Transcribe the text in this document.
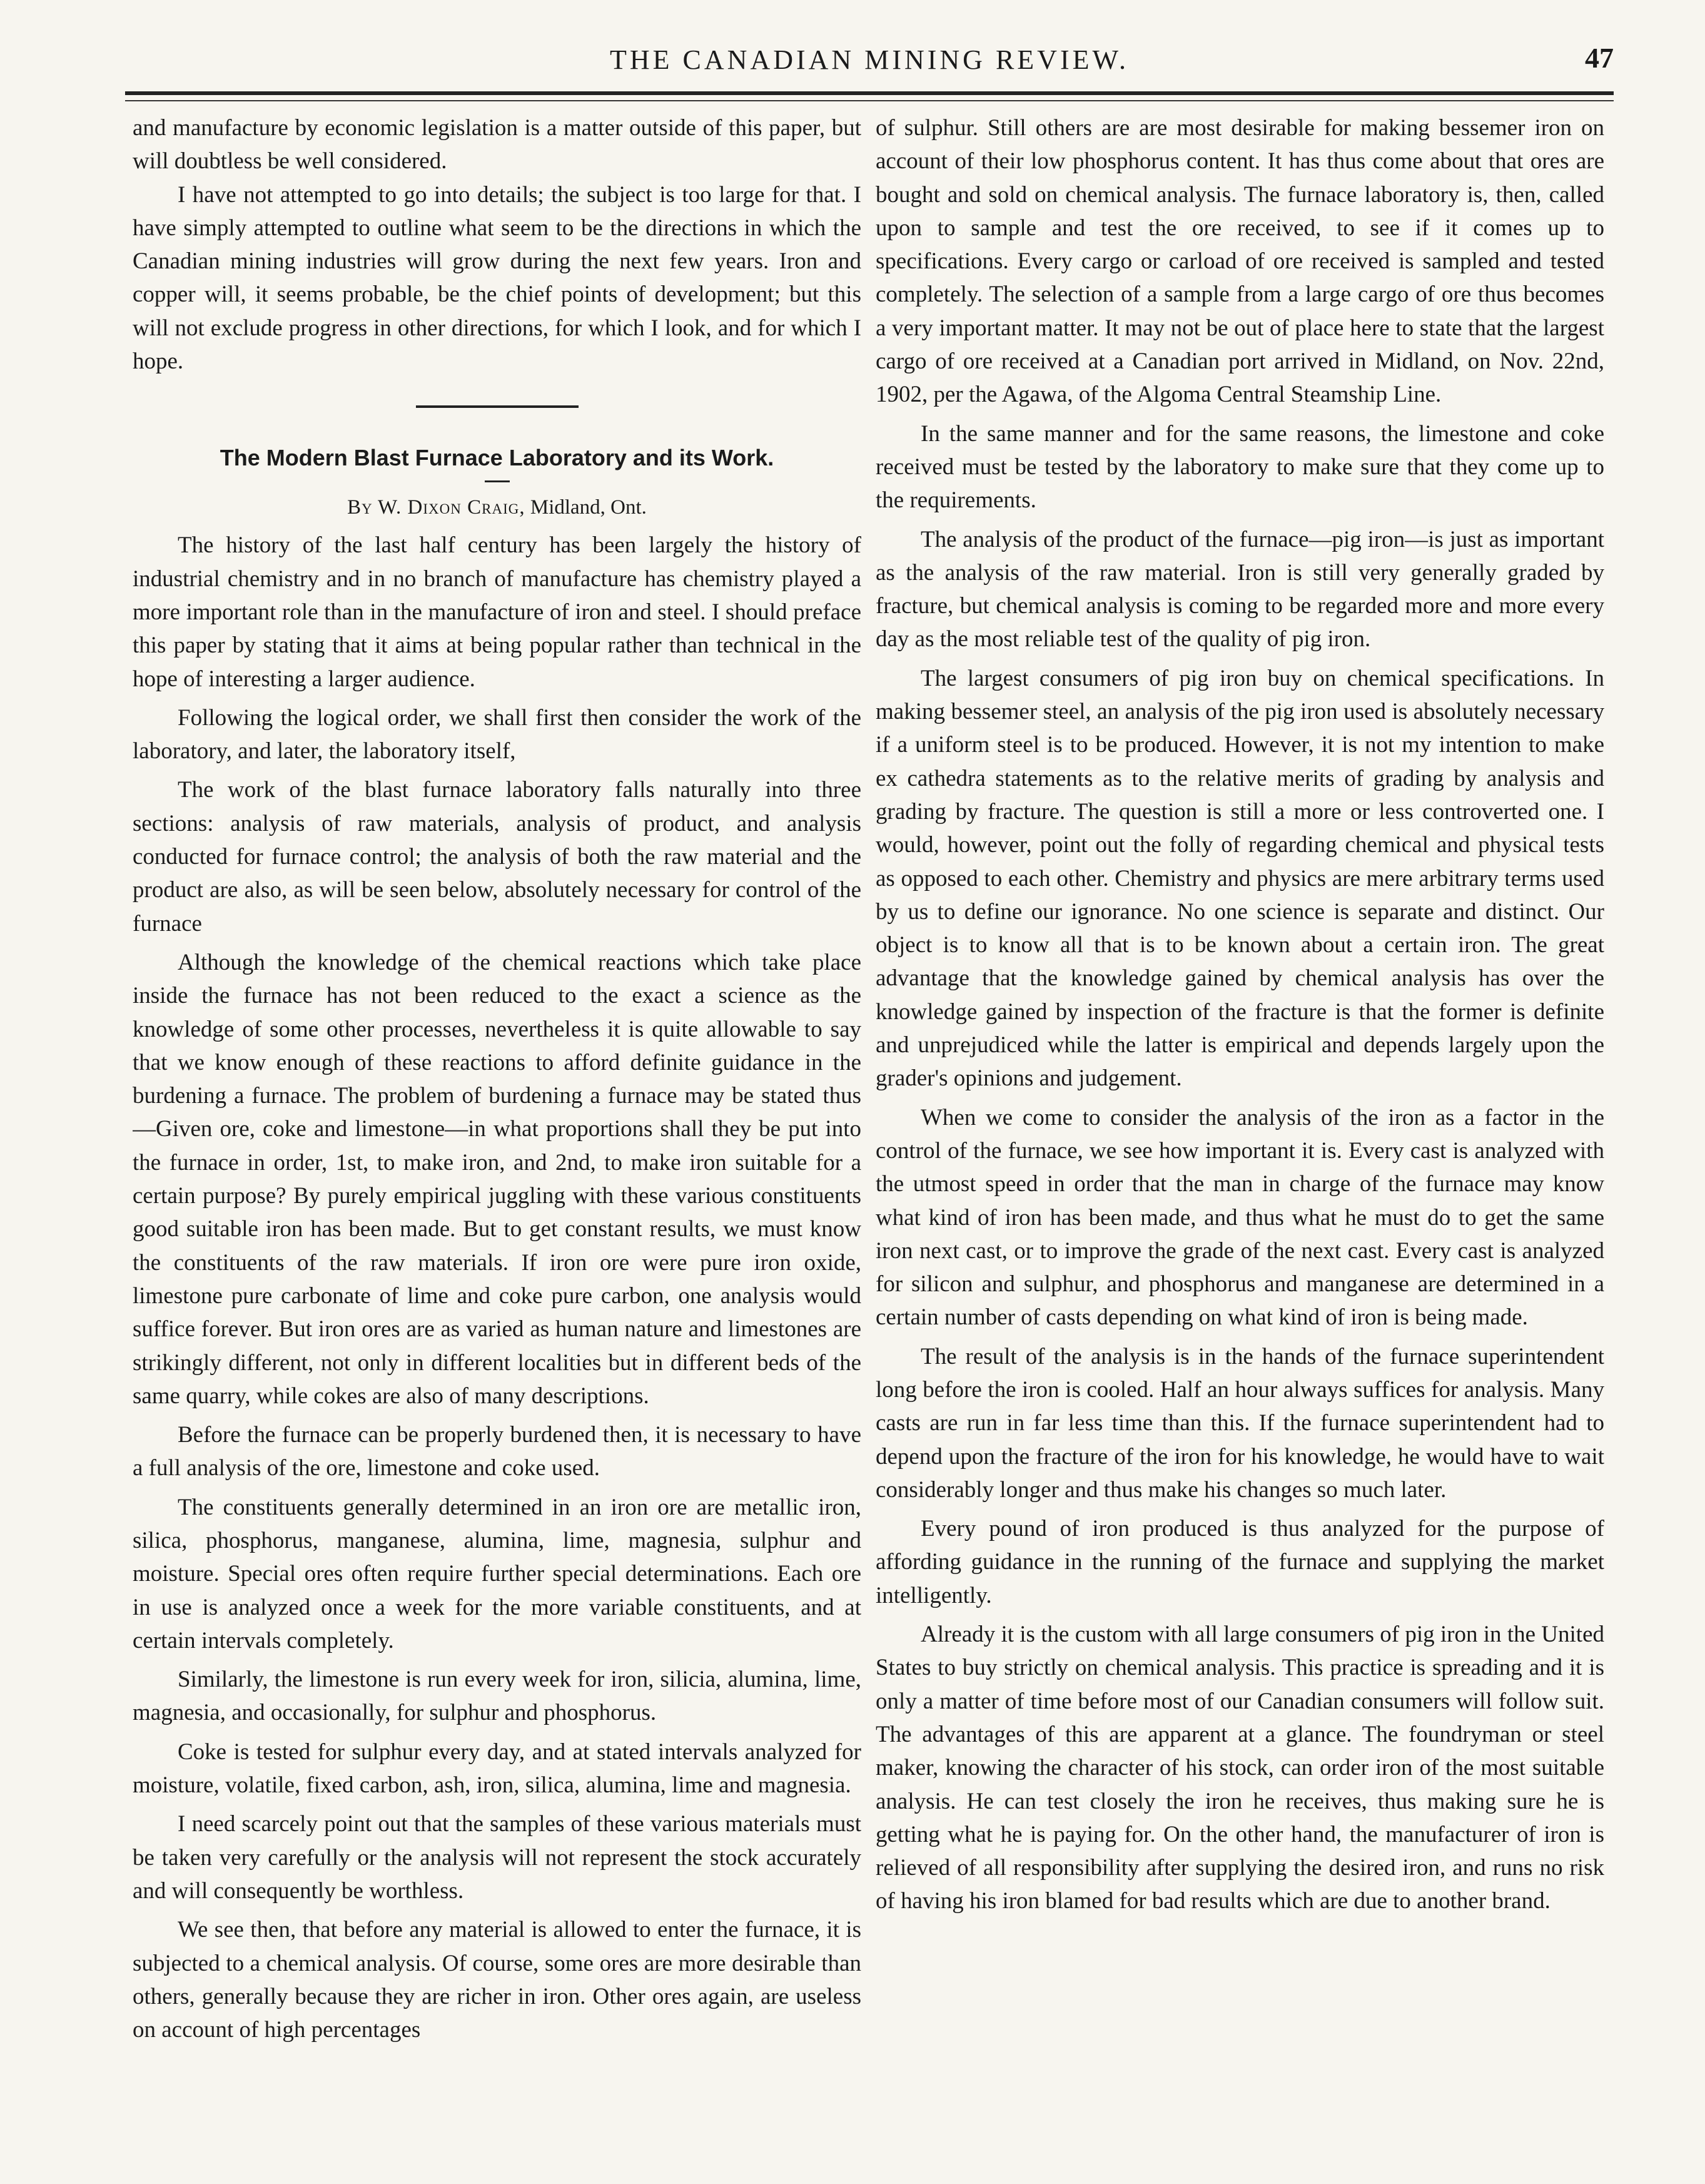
THE CANADIAN MINING REVIEW.	47

and manufacture by economic legislation is a matter outside of this paper, but will doubtless be well considered.

I have not attempted to go into details; the subject is too large for that. I have simply attempted to outline what seem to be the directions in which the Canadian mining industries will grow during the next few years. Iron and copper will, it seems probable, be the chief points of development; but this will not exclude progress in other directions, for which I look, and for which I hope.

The Modern Blast Furnace Laboratory and its Work.
By W. Dixon Craig, Midland, Ont.

The history of the last half century has been largely the history of industrial chemistry and in no branch of manufacture has chemistry played a more important role than in the manufacture of iron and steel. I should preface this paper by stating that it aims at being popular rather than technical in the hope of interesting a larger audience.

Following the logical order, we shall first then consider the work of the laboratory, and later, the laboratory itself,

The work of the blast furnace laboratory falls naturally into three sections: analysis of raw materials, analysis of product, and analysis conducted for furnace control; the analysis of both the raw material and the product are also, as will be seen below, absolutely necessary for control of the furnace

Although the knowledge of the chemical reactions which take place inside the furnace has not been reduced to the exact a science as the knowledge of some other processes, nevertheless it is quite allowable to say that we know enough of these reactions to afford definite guidance in the burdening a furnace. The problem of burdening a furnace may be stated thus—Given ore, coke and limestone—in what proportions shall they be put into the furnace in order, 1st, to make iron, and 2nd, to make iron suitable for a certain purpose? By purely empirical juggling with these various constituents good suitable iron has been made. But to get constant results, we must know the constituents of the raw materials. If iron ore were pure iron oxide, limestone pure carbonate of lime and coke pure carbon, one analysis would suffice forever. But iron ores are as varied as human nature and limestones are strikingly different, not only in different localities but in different beds of the same quarry, while cokes are also of many descriptions.

Before the furnace can be properly burdened then, it is necessary to have a full analysis of the ore, limestone and coke used.

The constituents generally determined in an iron ore are metallic iron, silica, phosphorus, manganese, alumina, lime, magnesia, sulphur and moisture. Special ores often require further special determinations. Each ore in use is analyzed once a week for the more variable constituents, and at certain intervals completely.

Similarly, the limestone is run every week for iron, silicia, alumina, lime, magnesia, and occasionally, for sulphur and phosphorus.

Coke is tested for sulphur every day, and at stated intervals analyzed for moisture, volatile, fixed carbon, ash, iron, silica, alumina, lime and magnesia.

I need scarcely point out that the samples of these various materials must be taken very carefully or the analysis will not represent the stock accurately and will consequently be worthless.

We see then, that before any material is allowed to enter the furnace, it is subjected to a chemical analysis. Of course, some ores are more desirable than others, generally because they are richer in iron. Other ores again, are useless on account of high percentages

of sulphur. Still others are are most desirable for making bessemer iron on account of their low phosphorus content. It has thus come about that ores are bought and sold on chemical analysis. The furnace laboratory is, then, called upon to sample and test the ore received, to see if it comes up to specifications. Every cargo or carload of ore received is sampled and tested completely. The selection of a sample from a large cargo of ore thus becomes a very important matter. It may not be out of place here to state that the largest cargo of ore received at a Canadian port arrived in Midland, on Nov. 22nd, 1902, per the Agawa, of the Algoma Central Steamship Line.

In the same manner and for the same reasons, the limestone and coke received must be tested by the laboratory to make sure that they come up to the requirements.

The analysis of the product of the furnace—pig iron—is just as important as the analysis of the raw material. Iron is still very generally graded by fracture, but chemical analysis is coming to be regarded more and more every day as the most reliable test of the quality of pig iron.

The largest consumers of pig iron buy on chemical specifications. In making bessemer steel, an analysis of the pig iron used is absolutely necessary if a uniform steel is to be produced. However, it is not my intention to make ex cathedra statements as to the relative merits of grading by analysis and grading by fracture. The question is still a more or less controverted one. I would, however, point out the folly of regarding chemical and physical tests as opposed to each other. Chemistry and physics are mere arbitrary terms used by us to define our ignorance. No one science is separate and distinct. Our object is to know all that is to be known about a certain iron. The great advantage that the knowledge gained by chemical analysis has over the knowledge gained by inspection of the fracture is that the former is definite and unprejudiced while the latter is empirical and depends largely upon the grader's opinions and judgement.

When we come to consider the analysis of the iron as a factor in the control of the furnace, we see how important it is. Every cast is analyzed with the utmost speed in order that the man in charge of the furnace may know what kind of iron has been made, and thus what he must do to get the same iron next cast, or to improve the grade of the next cast. Every cast is analyzed for silicon and sulphur, and phosphorus and manganese are determined in a certain number of casts depending on what kind of iron is being made.

The result of the analysis is in the hands of the furnace superintendent long before the iron is cooled. Half an hour always suffices for analysis. Many casts are run in far less time than this. If the furnace superintendent had to depend upon the fracture of the iron for his knowledge, he would have to wait considerably longer and thus make his changes so much later.

Every pound of iron produced is thus analyzed for the purpose of affording guidance in the running of the furnace and supplying the market intelligently.

Already it is the custom with all large consumers of pig iron in the United States to buy strictly on chemical analysis. This practice is spreading and it is only a matter of time before most of our Canadian consumers will follow suit. The advantages of this are apparent at a glance. The foundryman or steel maker, knowing the character of his stock, can order iron of the most suitable analysis. He can test closely the iron he receives, thus making sure he is getting what he is paying for. On the other hand, the manufacturer of iron is relieved of all responsibility after supplying the desired iron, and runs no risk of having his iron blamed for bad results which are due to another brand.
